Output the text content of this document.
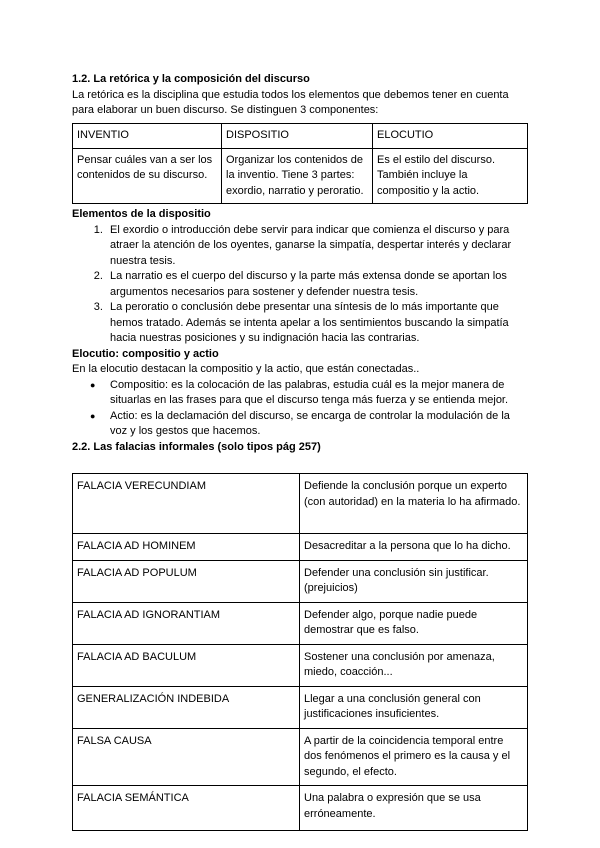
1.2. La retórica y la composición del discurso

La retórica es la disciplina que estudia todos los elementos que debemos tener en cuenta

para elaborar un buen discurso. Se distinguen 3 componentes:

INVENTIO	DISPOSITIO	ELOCUTIO
Pensar cuáles van a ser los contenidos de su discurso.	Organizar los contenidos de la inventio. Tiene 3 partes: exordio, narratio y peroratio.	Es el estilo del discurso. También incluye la compositio y la actio.

Elementos de la dispositio

1. El exordio o introducción debe servir para indicar que comienza el discurso y para atraer la atención de los oyentes, ganarse la simpatía, despertar interés y declarar nuestra tesis.
2. La narratio es el cuerpo del discurso y la parte más extensa donde se aportan los argumentos necesarios para sostener y defender nuestra tesis.
3. La peroratio o conclusión debe presentar una síntesis de lo más importante que hemos tratado. Además se intenta apelar a los sentimientos buscando la simpatía hacia nuestras posiciones y su indignación hacia las contrarias.

Elocutio: compositio y actio

En la elocutio destacan la compositio y la actio, que están conectadas..

● Compositio: es la colocación de las palabras, estudia cuál es la mejor manera de situarlas en las frases para que el discurso tenga más fuerza y se entienda mejor.
● Actio: es la declamación del discurso, se encarga de controlar la modulación de la voz y los gestos que hacemos.

2.2. Las falacias informales (solo tipos pág 257)

FALACIA VERECUNDIAM	Defiende la conclusión porque un experto (con autoridad) en la materia lo ha afirmado.
FALACIA AD HOMINEM	Desacreditar a la persona que lo ha dicho.
FALACIA AD POPULUM	Defender una conclusión sin justificar. (prejuicios)
FALACIA AD IGNORANTIAM	Defender algo, porque nadie puede demostrar que es falso.
FALACIA AD BACULUM	Sostener una conclusión por amenaza, miedo, coacción...
GENERALIZACIÓN INDEBIDA	Llegar a una conclusión general con justificaciones insuficientes.
FALSA CAUSA	A partir de la coincidencia temporal entre dos fenómenos el primero es la causa y el segundo, el efecto.
FALACIA SEMÁNTICA	Una palabra o expresión que se usa erróneamente.
